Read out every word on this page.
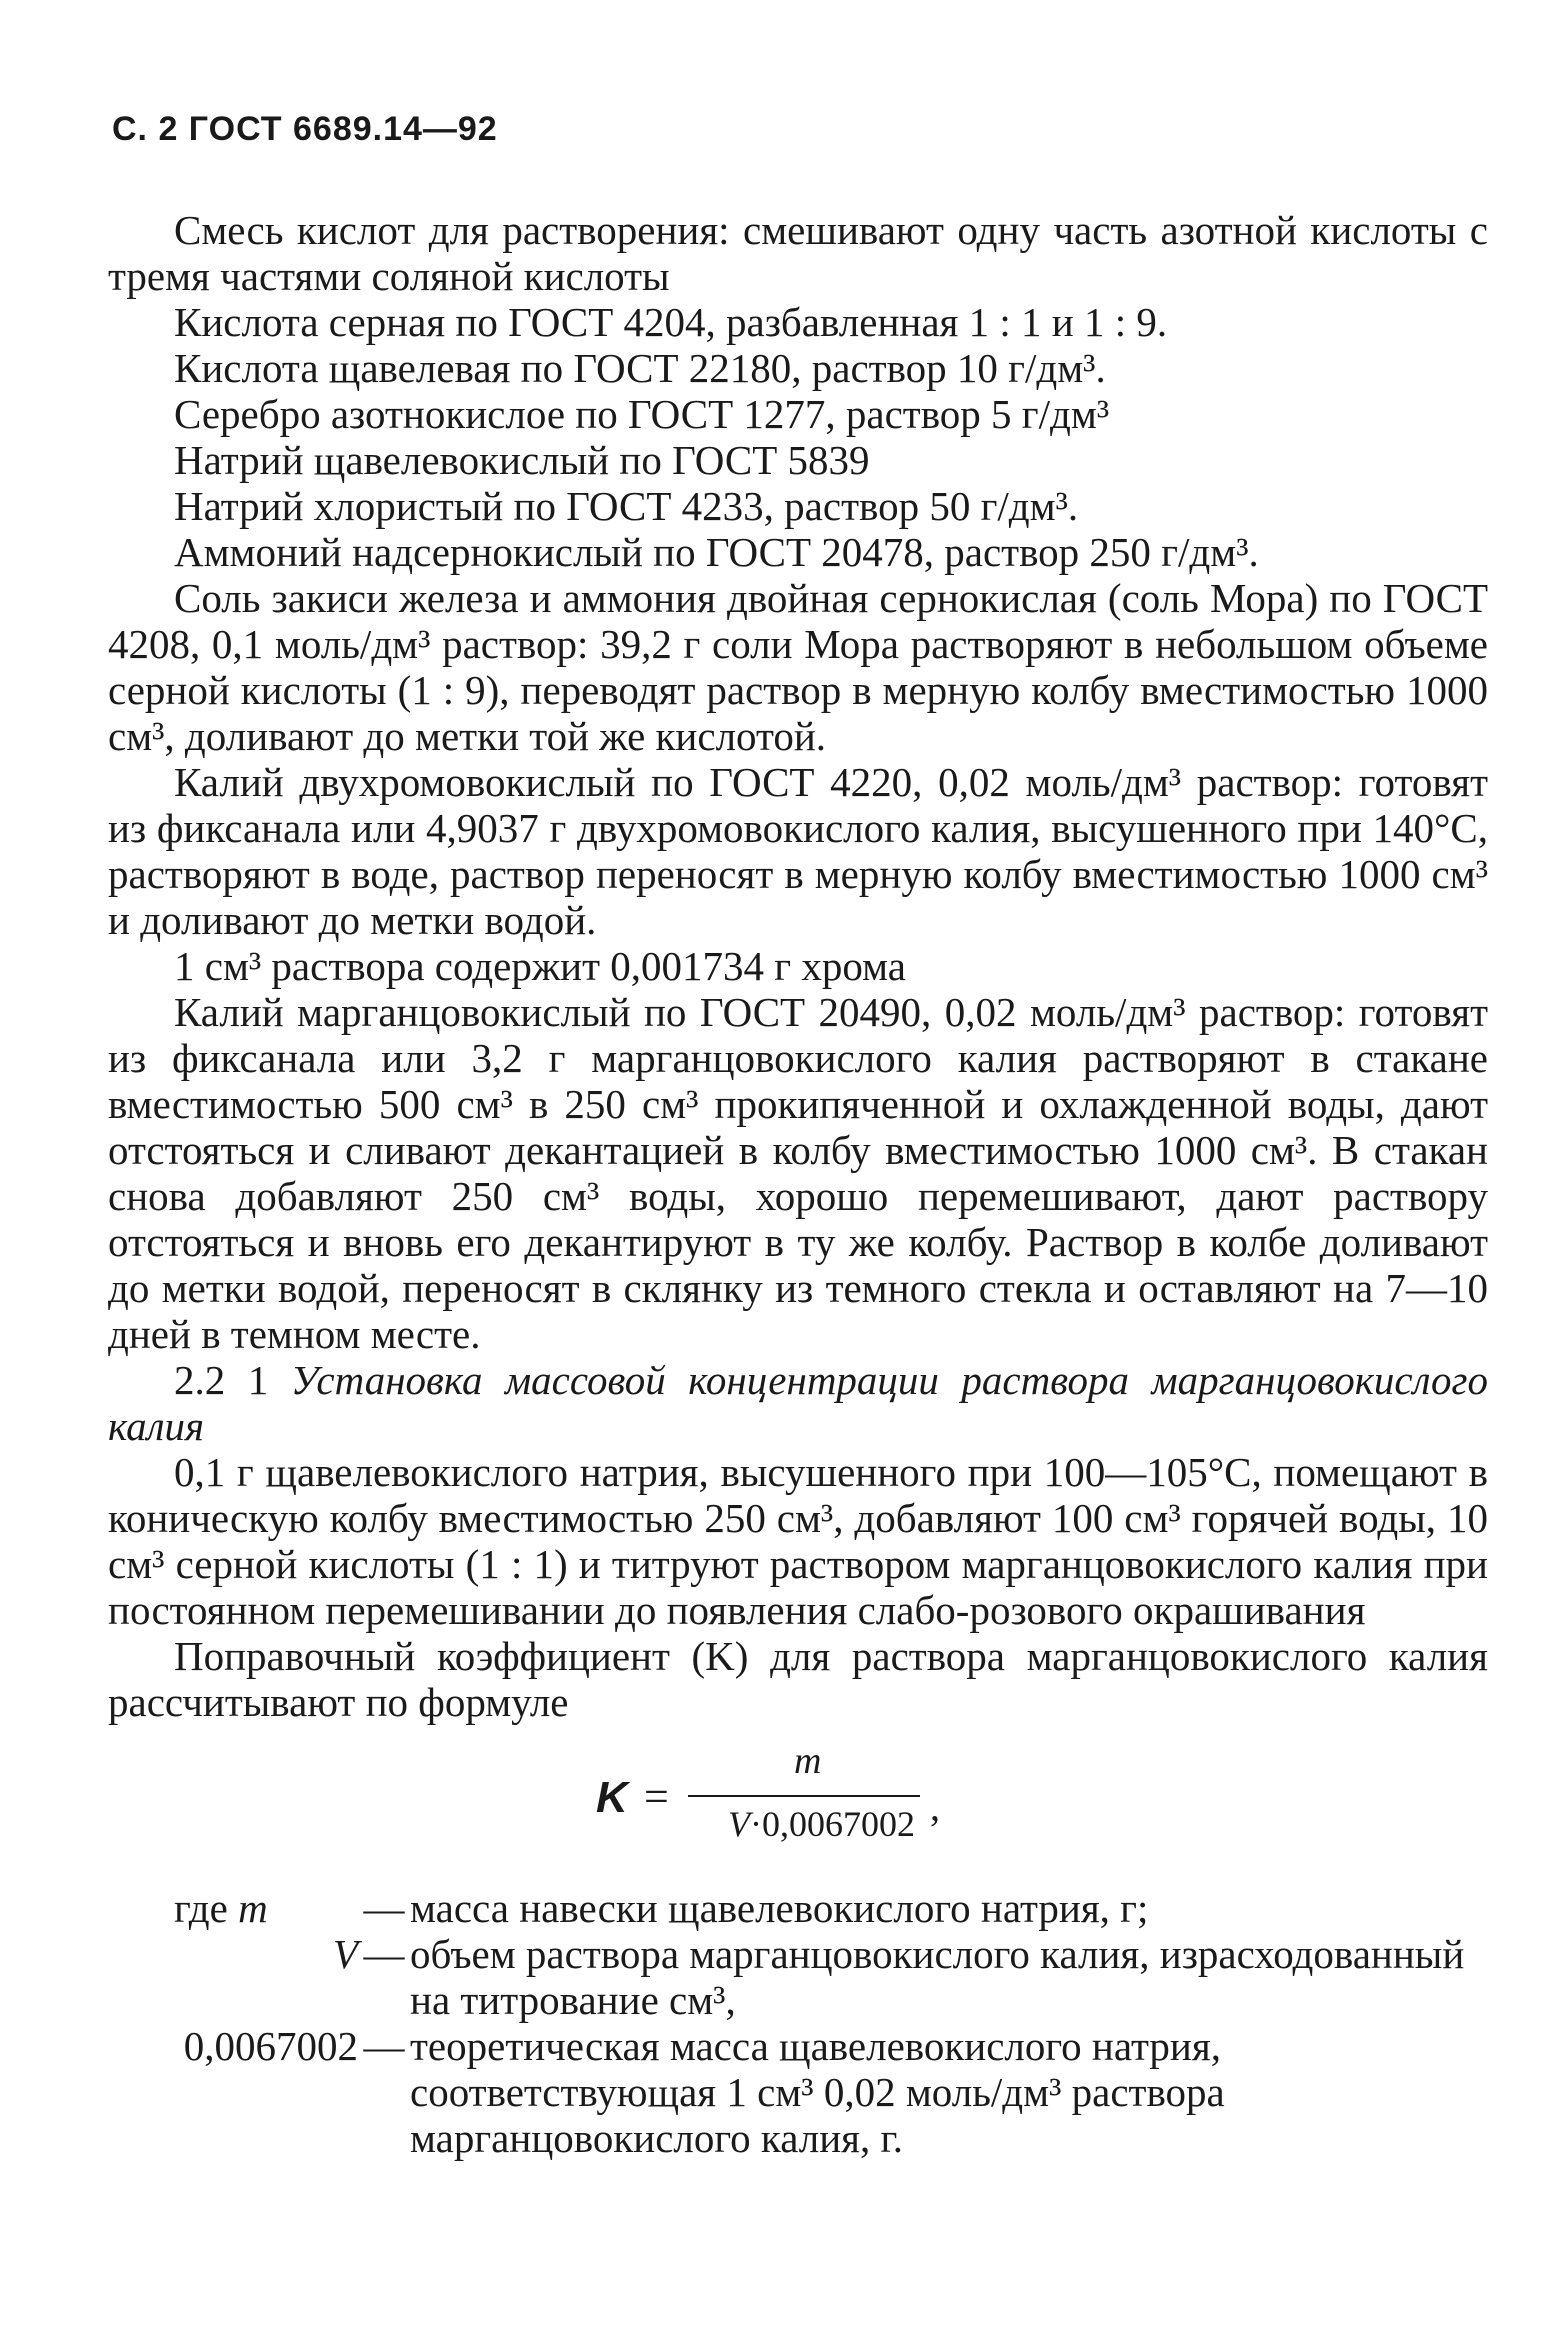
С. 2 ГОСТ 6689.14—92

Смесь кислот для растворения: смешивают одну часть азотной кислоты с тремя частями соляной кислоты

Кислота серная по ГОСТ 4204, разбавленная 1 : 1 и 1 : 9.

Кислота щавелевая по ГОСТ 22180, раствор 10 г/дм³.

Серебро азотнокислое по ГОСТ 1277, раствор 5 г/дм³

Натрий щавелевокислый по ГОСТ 5839

Натрий хлористый по ГОСТ 4233, раствор 50 г/дм³.

Аммоний надсернокислый по ГОСТ 20478, раствор 250 г/дм³.

Соль закиси железа и аммония двойная сернокислая (соль Мора) по ГОСТ 4208, 0,1 моль/дм³ раствор: 39,2 г соли Мора растворяют в небольшом объеме серной кислоты (1 : 9), переводят раствор в мерную колбу вместимостью 1000 см³, доливают до метки той же кислотой.

Калий двухромовокислый по ГОСТ 4220, 0,02 моль/дм³ раствор: готовят из фиксанала или 4,9037 г двухромовокислого калия, высушенного при 140°С, растворяют в воде, раствор переносят в мерную колбу вместимостью 1000 см³ и доливают до метки водой.

1 см³ раствора содержит 0,001734 г хрома

Калий марганцовокислый по ГОСТ 20490, 0,02 моль/дм³ раствор: готовят из фиксанала или 3,2 г марганцовокислого калия растворяют в стакане вместимостью 500 см³ в 250 см³ прокипяченной и охлажденной воды, дают отстояться и сливают декантацией в колбу вместимостью 1000 см³. В стакан снова добавляют 250 см³ воды, хорошо перемешивают, дают раствору отстояться и вновь его декантируют в ту же колбу. Раствор в колбе доливают до метки водой, переносят в склянку из темного стекла и оставляют на 7—10 дней в темном месте.

2.2 1 Установка массовой концентрации раствора марганцовокислого калия

0,1 г щавелевокислого натрия, высушенного при 100—105°С, помещают в коническую колбу вместимостью 250 см³, добавляют 100 см³ горячей воды, 10 см³ серной кислоты (1 : 1) и титруют раствором марганцовокислого калия при постоянном перемешивании до появления слабо-розового окрашивания

Поправочный коэффициент (K) для раствора марганцовокислого калия рассчитывают по формуле

K =
m
V·0,0067002 ,
где m	— масса навески щавелевокислого натрия, г;
V — объем раствора марганцовокислого калия, израсходованный на титрование см³,
0,0067002 — теоретическая масса щавелевокислого натрия, соответствующая 1 см³ 0,02 моль/дм³ раствора марганцовокислого калия, г.
